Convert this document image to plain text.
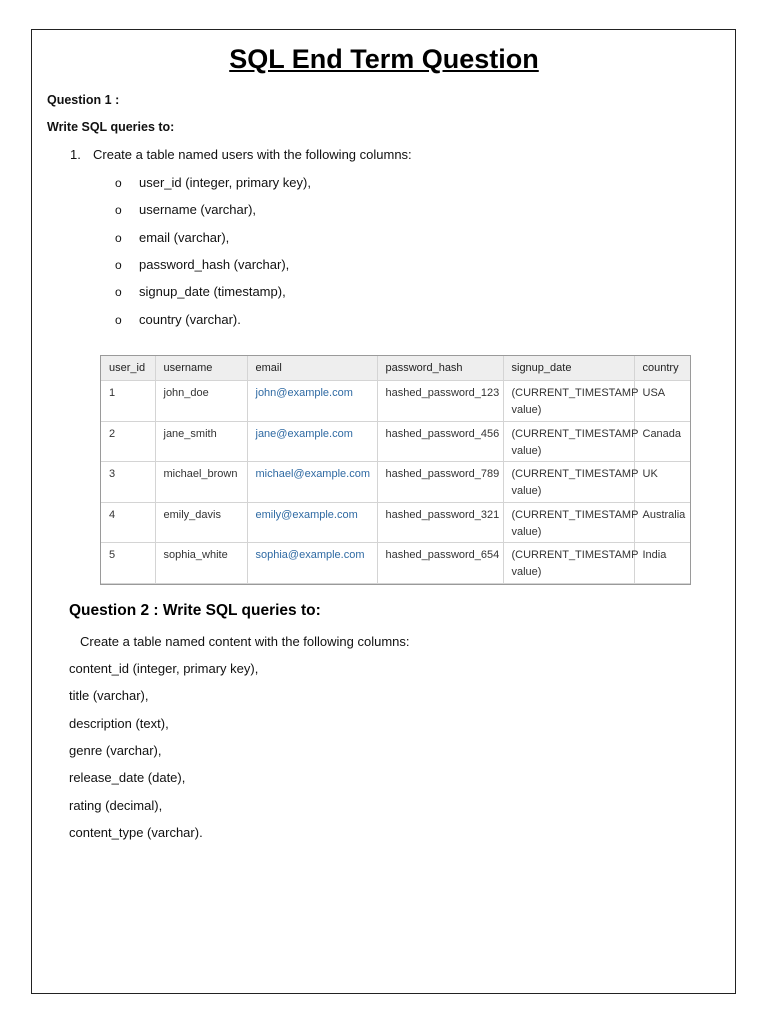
SQL End Term Question
Question 1 :
Write SQL queries to:
1. Create a table named users with the following columns:
o user_id (integer, primary key),
o username (varchar),
o email (varchar),
o password_hash (varchar),
o signup_date (timestamp),
o country (varchar).
user_id	username	email	password_hash	signup_date	country
1	john_doe	john@example.com	hashed_password_123	(CURRENT_TIMESTAMP value)	USA
2	jane_smith	jane@example.com	hashed_password_456	(CURRENT_TIMESTAMP value)	Canada
3	michael_brown	michael@example.com	hashed_password_789	(CURRENT_TIMESTAMP value)	UK
4	emily_davis	emily@example.com	hashed_password_321	(CURRENT_TIMESTAMP value)	Australia
5	sophia_white	sophia@example.com	hashed_password_654	(CURRENT_TIMESTAMP value)	India
Question 2 : Write SQL queries to:
Create a table named content with the following columns:
content_id (integer, primary key),
title (varchar),
description (text),
genre (varchar),
release_date (date),
rating (decimal),
content_type (varchar).
